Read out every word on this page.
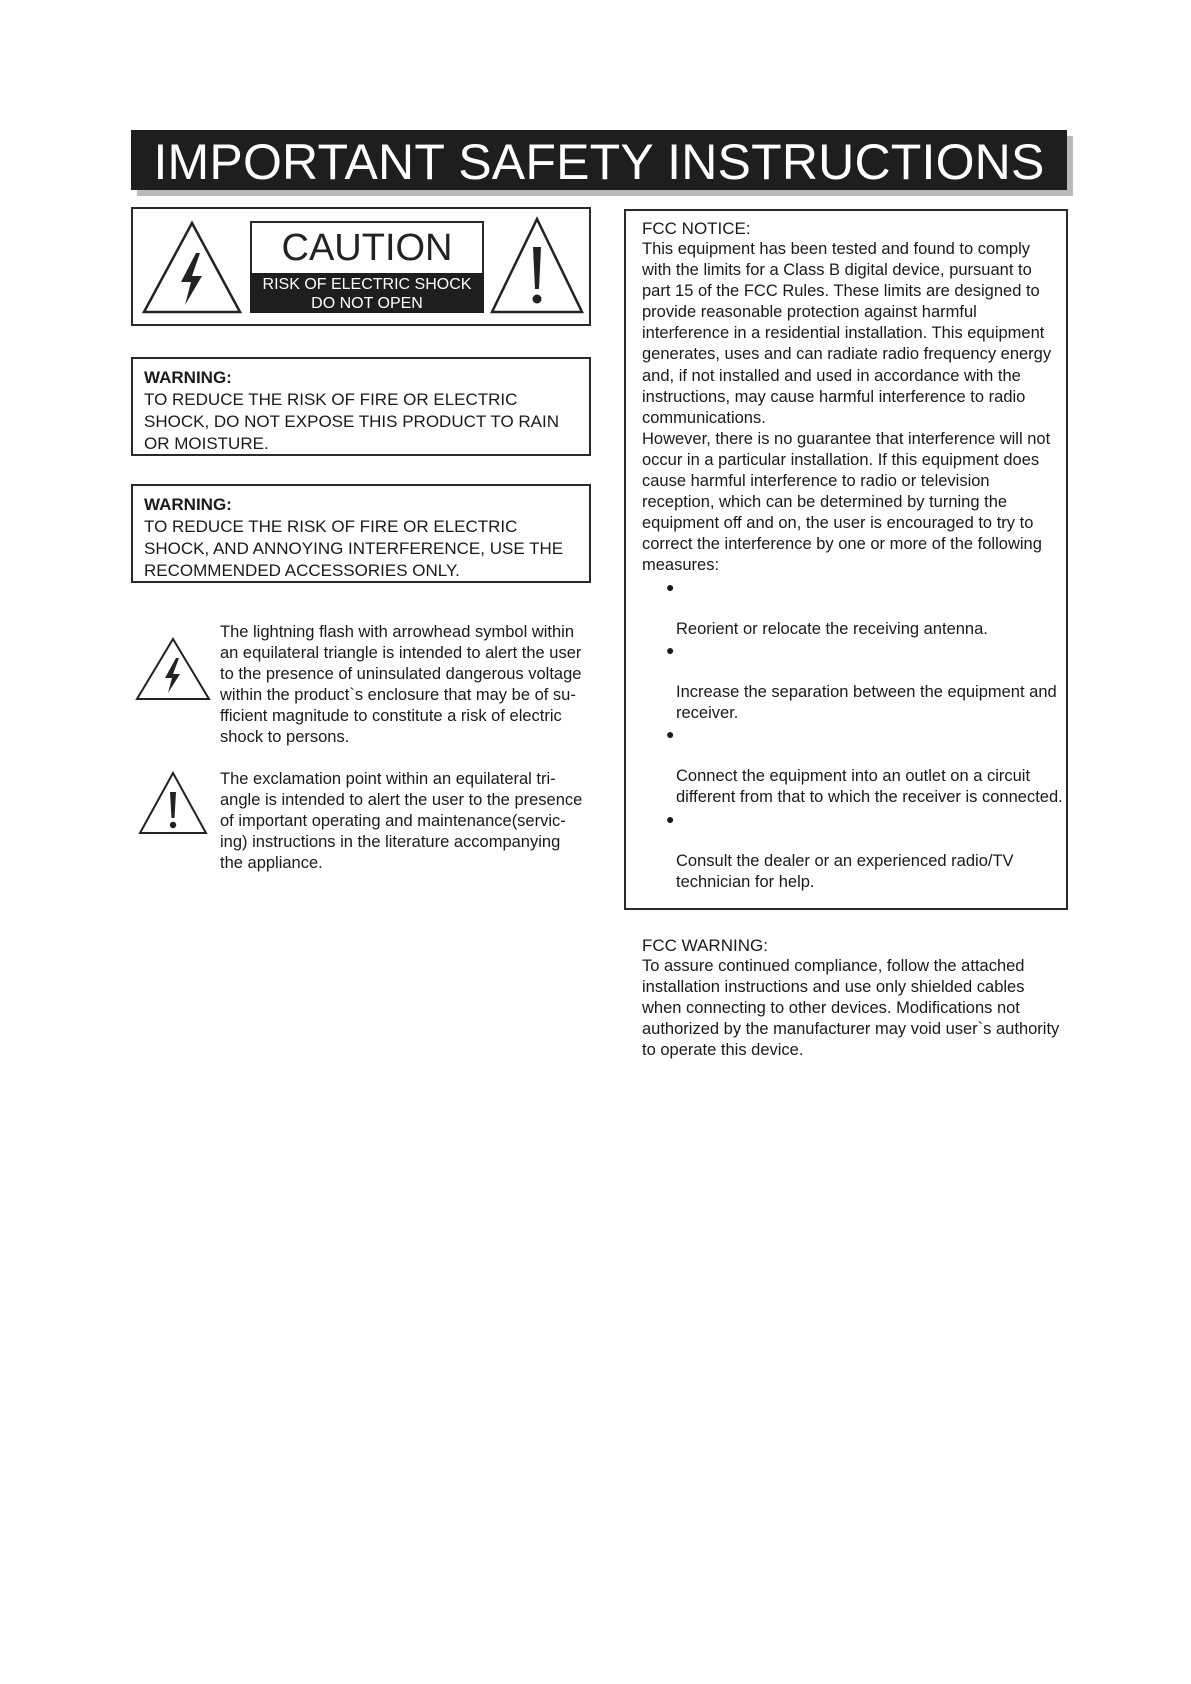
IMPORTANT SAFETY INSTRUCTIONS
CAUTION
RISK OF ELECTRIC SHOCK
DO NOT OPEN
WARNING:
TO REDUCE THE RISK OF FIRE OR ELECTRIC
SHOCK, DO NOT EXPOSE THIS PRODUCT TO RAIN
OR MOISTURE.
WARNING:
TO REDUCE THE RISK OF FIRE OR ELECTRIC
SHOCK, AND ANNOYING INTERFERENCE, USE THE
RECOMMENDED ACCESSORIES ONLY.
The lightning flash with arrowhead symbol within
an equilateral triangle is intended to alert the user
to the presence of uninsulated dangerous voltage
within the product`s enclosure that may be of su-
fficient magnitude to constitute a risk of electric
shock to persons.
The exclamation point within an equilateral tri-
angle is intended to alert the user to the presence
of important operating and maintenance(servic-
ing) instructions in the literature accompanying
the appliance.
FCC NOTICE:
This equipment has been tested and found to comply
with the limits for a Class B digital device, pursuant to
part 15 of the FCC Rules. These limits are designed to
provide reasonable protection against harmful
interference in a residential installation. This equipment
generates, uses and can radiate radio frequency energy
and, if not installed and used in accordance with the
instructions, may cause harmful interference to radio
communications.
However, there is no guarantee that interference will not
occur in a particular installation. If this equipment does
cause harmful interference to radio or television
reception, which can be determined by turning the
equipment off and on, the user is encouraged to try to
correct the interference by one or more of the following
measures:

●

Reorient or relocate the receiving antenna.

●

Increase the separation between the equipment and
receiver.

●

Connect the equipment into an outlet on a circuit
different from that to which the receiver is connected.

●

Consult the dealer or an experienced radio/TV
technician for help.

FCC WARNING:
To assure continued compliance, follow the attached
installation instructions and use only shielded cables
when connecting to other devices. Modifications not
authorized by the manufacturer may void user`s authority
to operate this device.
